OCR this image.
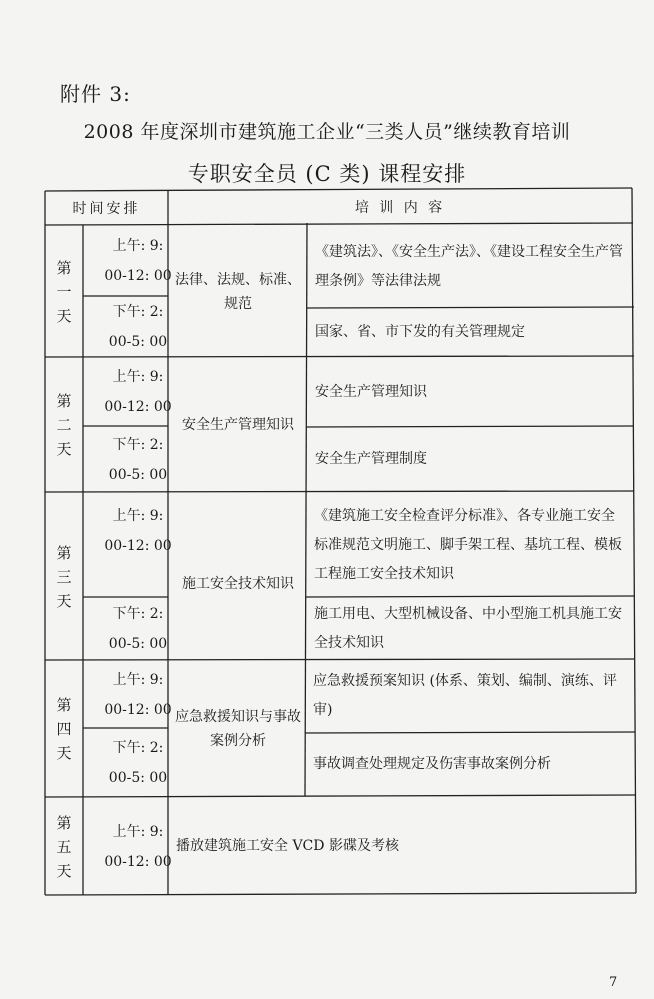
附件 3:
2008 年度深圳市建筑施工企业“三类人员”继续教育培训
专职安全员 (C 类) 课程安排
时间安排	培 训 内 容
第
一
天
上午: 9:
00-12: 00
下午: 2:
00-5: 00
法律、法规、标准、规范
《建筑法》、《安全生产法》、《建设工程安全生产管理条例》等法律法规
国家、省、市下发的有关管理规定
第
二
天
上午: 9:
00-12: 00
下午: 2:
00-5: 00
安全生产管理知识
安全生产管理知识
安全生产管理制度
第
三
天
上午: 9:
00-12: 00
下午: 2:
00-5: 00
施工安全技术知识
《建筑施工安全检查评分标准》、各专业施工安全标准规范文明施工、脚手架工程、基坑工程、模板工程施工安全技术知识
施工用电、大型机械设备、中小型施工机具施工安全技术知识
第
四
天
上午: 9:
00-12: 00
下午: 2:
00-5: 00
应急救援知识与事故案例分析
应急救援预案知识 (体系、策划、编制、演练、评审)
事故调查处理规定及伤害事故案例分析
第
五
天
上午: 9:
00-12: 00
播放建筑施工安全 VCD 影碟及考核
7
